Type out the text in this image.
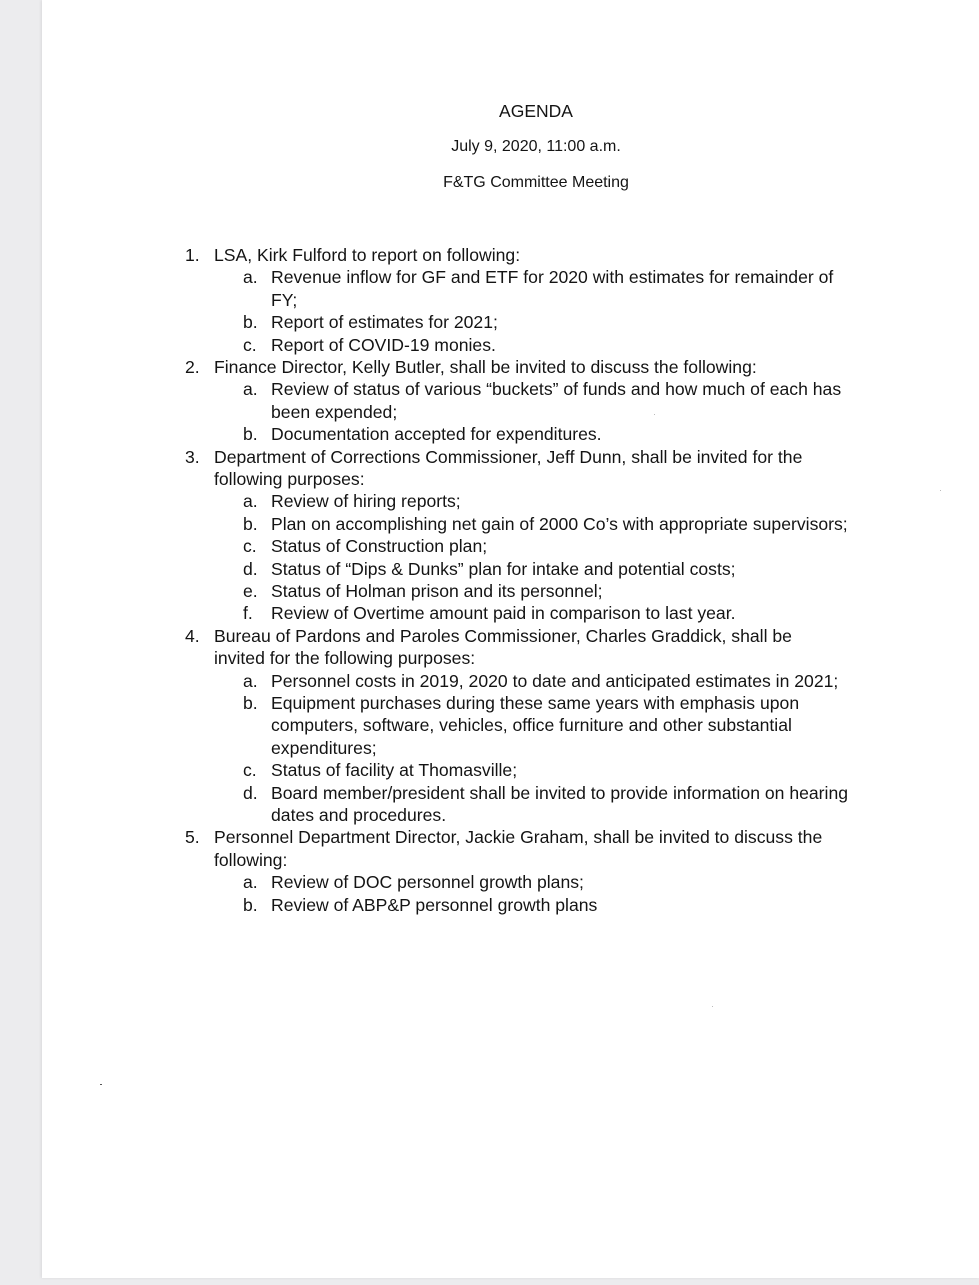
AGENDA
July 9, 2020, 11:00 a.m.
F&TG Committee Meeting
1. LSA, Kirk Fulford to report on following:
a. Revenue inflow for GF and ETF for 2020 with estimates for remainder of
FY;
b. Report of estimates for 2021;
c. Report of COVID-19 monies.
2. Finance Director, Kelly Butler, shall be invited to discuss the following:
a. Review of status of various “buckets” of funds and how much of each has
been expended;
b. Documentation accepted for expenditures.
3. Department of Corrections Commissioner, Jeff Dunn, shall be invited for the
following purposes:
a. Review of hiring reports;
b. Plan on accomplishing net gain of 2000 Co’s with appropriate supervisors;
c. Status of Construction plan;
d. Status of “Dips & Dunks” plan for intake and potential costs;
e. Status of Holman prison and its personnel;
f. Review of Overtime amount paid in comparison to last year.
4. Bureau of Pardons and Paroles Commissioner, Charles Graddick, shall be
invited for the following purposes:
a. Personnel costs in 2019, 2020 to date and anticipated estimates in 2021;
b. Equipment purchases during these same years with emphasis upon
computers, software, vehicles, office furniture and other substantial
expenditures;
c. Status of facility at Thomasville;
d. Board member/president shall be invited to provide information on hearing
dates and procedures.
5. Personnel Department Director, Jackie Graham, shall be invited to discuss the
following:
a. Review of DOC personnel growth plans;
b. Review of ABP&P personnel growth plans
